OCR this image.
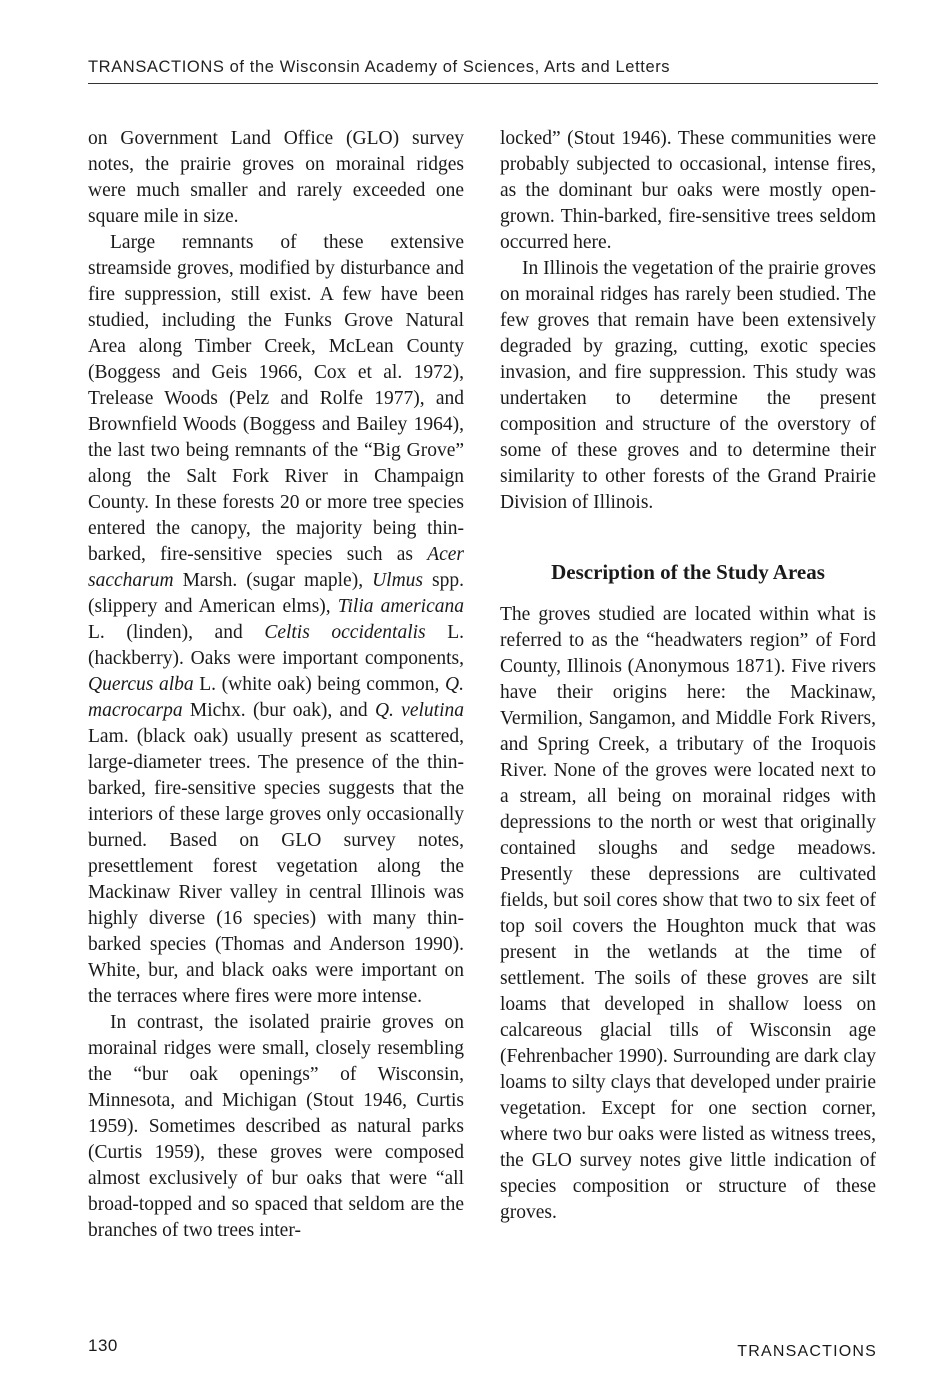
TRANSACTIONS of the Wisconsin Academy of Sciences, Arts and Letters

on Government Land Office (GLO) survey notes, the prairie groves on morainal ridges were much smaller and rarely exceeded one square mile in size.

Large remnants of these extensive streamside groves, modified by disturbance and fire suppression, still exist. A few have been studied, including the Funks Grove Natural Area along Timber Creek, McLean County (Boggess and Geis 1966, Cox et al. 1972), Trelease Woods (Pelz and Rolfe 1977), and Brownfield Woods (Boggess and Bailey 1964), the last two being remnants of the “Big Grove” along the Salt Fork River in Champaign County. In these forests 20 or more tree species entered the canopy, the majority being thin-barked, fire-sensitive species such as Acer saccharum Marsh. (sugar maple), Ulmus spp. (slippery and American elms), Tilia americana L. (linden), and Celtis occidentalis L. (hackberry). Oaks were important components, Quercus alba L. (white oak) being common, Q. macrocarpa Michx. (bur oak), and Q. velutina Lam. (black oak) usually present as scattered, large-diameter trees. The presence of the thin-barked, fire-sensitive species suggests that the interiors of these large groves only occasionally burned. Based on GLO survey notes, presettlement forest vegetation along the Mackinaw River valley in central Illinois was highly diverse (16 species) with many thin-barked species (Thomas and Anderson 1990). White, bur, and black oaks were important on the terraces where fires were more intense.

In contrast, the isolated prairie groves on morainal ridges were small, closely resembling the “bur oak openings” of Wisconsin, Minnesota, and Michigan (Stout 1946, Curtis 1959). Sometimes described as natural parks (Curtis 1959), these groves were composed almost exclusively of bur oaks that were “all broad-topped and so spaced that seldom are the branches of two trees inter-

locked” (Stout 1946). These communities were probably subjected to occasional, intense fires, as the dominant bur oaks were mostly open-grown. Thin-barked, fire-sensitive trees seldom occurred here.

In Illinois the vegetation of the prairie groves on morainal ridges has rarely been studied. The few groves that remain have been extensively degraded by grazing, cutting, exotic species invasion, and fire suppression. This study was undertaken to determine the present composition and structure of the overstory of some of these groves and to determine their similarity to other forests of the Grand Prairie Division of Illinois.

Description of the Study Areas

The groves studied are located within what is referred to as the “headwaters region” of Ford County, Illinois (Anonymous 1871). Five rivers have their origins here: the Mackinaw, Vermilion, Sangamon, and Middle Fork Rivers, and Spring Creek, a tributary of the Iroquois River. None of the groves were located next to a stream, all being on morainal ridges with depressions to the north or west that originally contained sloughs and sedge meadows. Presently these depressions are cultivated fields, but soil cores show that two to six feet of top soil covers the Houghton muck that was present in the wetlands at the time of settlement. The soils of these groves are silt loams that developed in shallow loess on calcareous glacial tills of Wisconsin age (Fehrenbacher 1990). Surrounding are dark clay loams to silty clays that developed under prairie vegetation. Except for one section corner, where two bur oaks were listed as witness trees, the GLO survey notes give little indication of species composition or structure of these groves.

130	TRANSACTIONS
